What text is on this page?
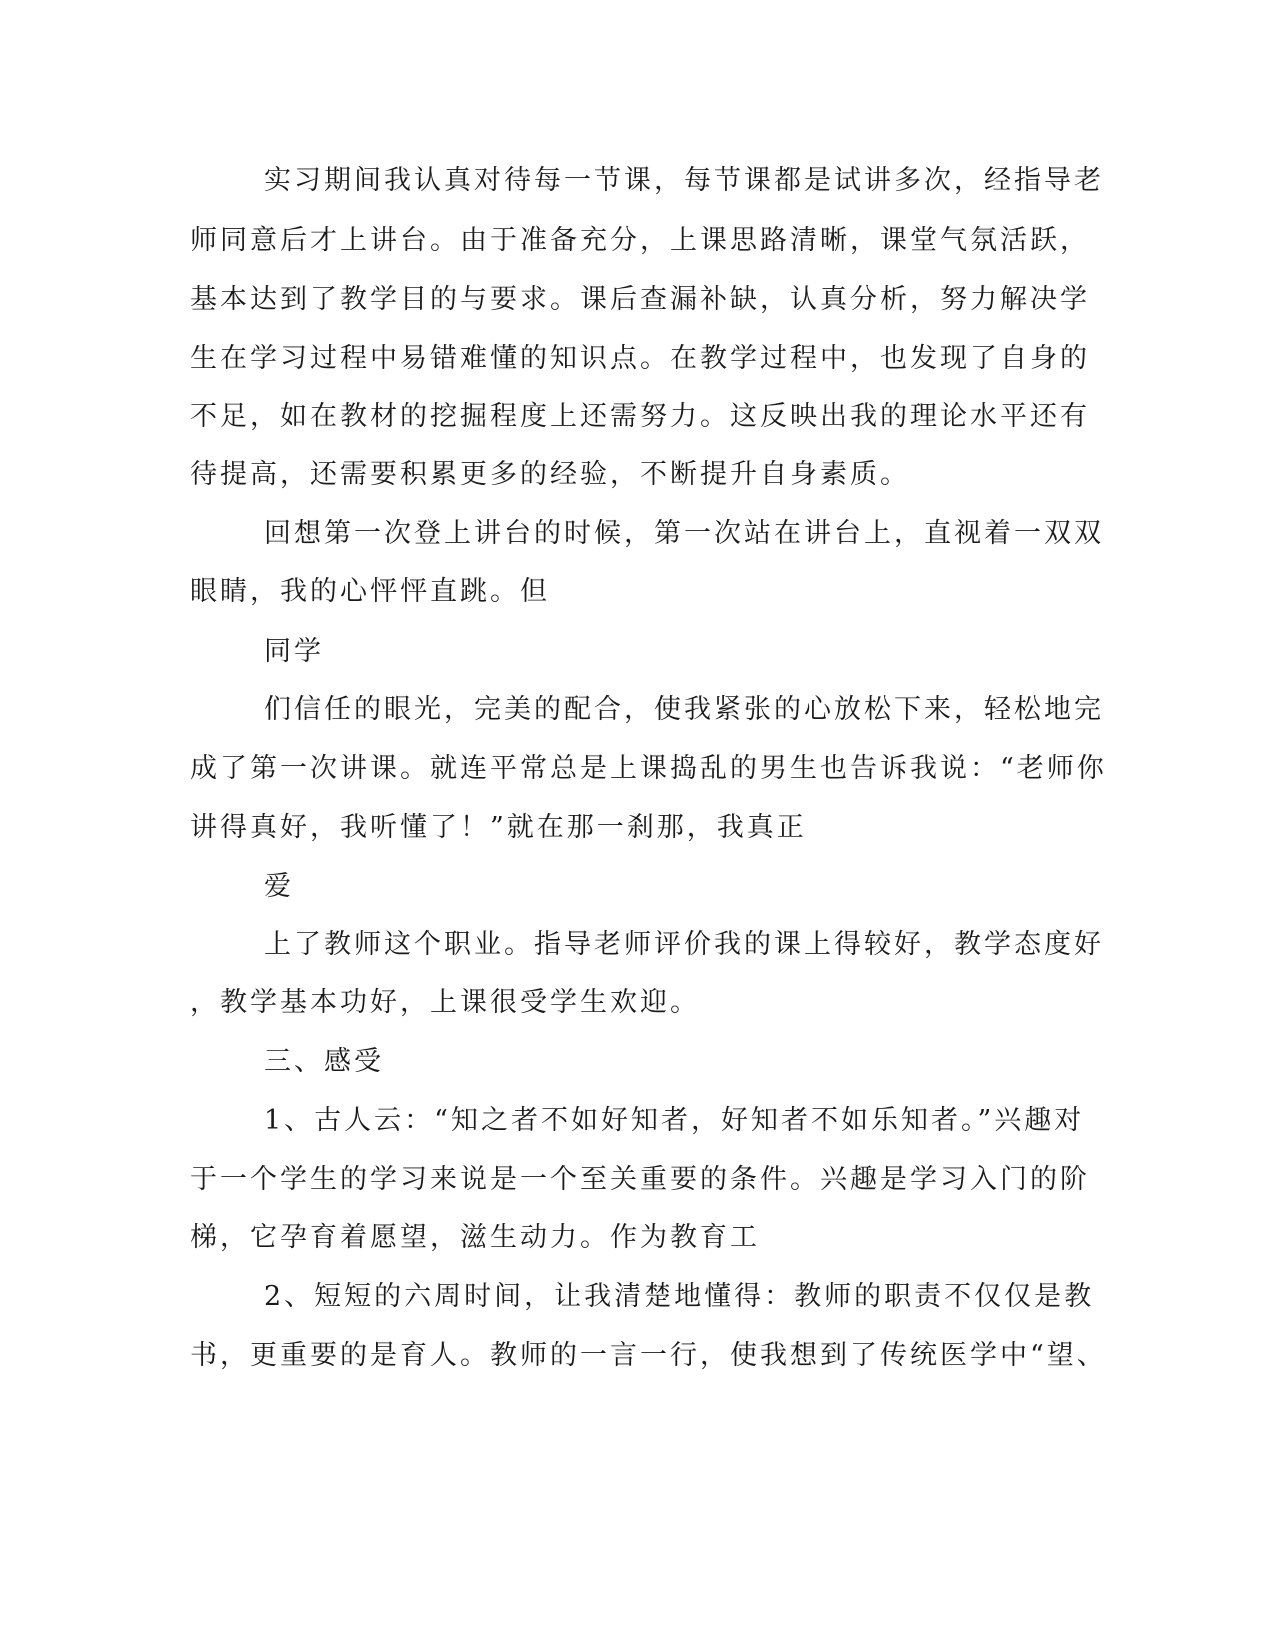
实习期间我认真对待每一节课，每节课都是试讲多次，经指导老
师同意后才上讲台。由于准备充分，上课思路清晰，课堂气氛活跃，
基本达到了教学目的与要求。课后查漏补缺，认真分析，努力解决学
生在学习过程中易错难懂的知识点。在教学过程中，也发现了自身的
不足，如在教材的挖掘程度上还需努力。这反映出我的理论水平还有
待提高，还需要积累更多的经验，不断提升自身素质。
回想第一次登上讲台的时候，第一次站在讲台上，直视着一双双
眼睛，我的心怦怦直跳。但
同学
们信任的眼光，完美的配合，使我紧张的心放松下来，轻松地完
成了第一次讲课。就连平常总是上课捣乱的男生也告诉我说：“老师你
讲得真好，我听懂了！”就在那一刹那，我真正
爱
上了教师这个职业。指导老师评价我的课上得较好，教学态度好
，教学基本功好，上课很受学生欢迎。
三、感受
1、古人云：“知之者不如好知者，好知者不如乐知者。”兴趣对
于一个学生的学习来说是一个至关重要的条件。兴趣是学习入门的阶
梯，它孕育着愿望，滋生动力。作为教育工
2、短短的六周时间，让我清楚地懂得：教师的职责不仅仅是教
书，更重要的是育人。教师的一言一行，使我想到了传统医学中“望、
